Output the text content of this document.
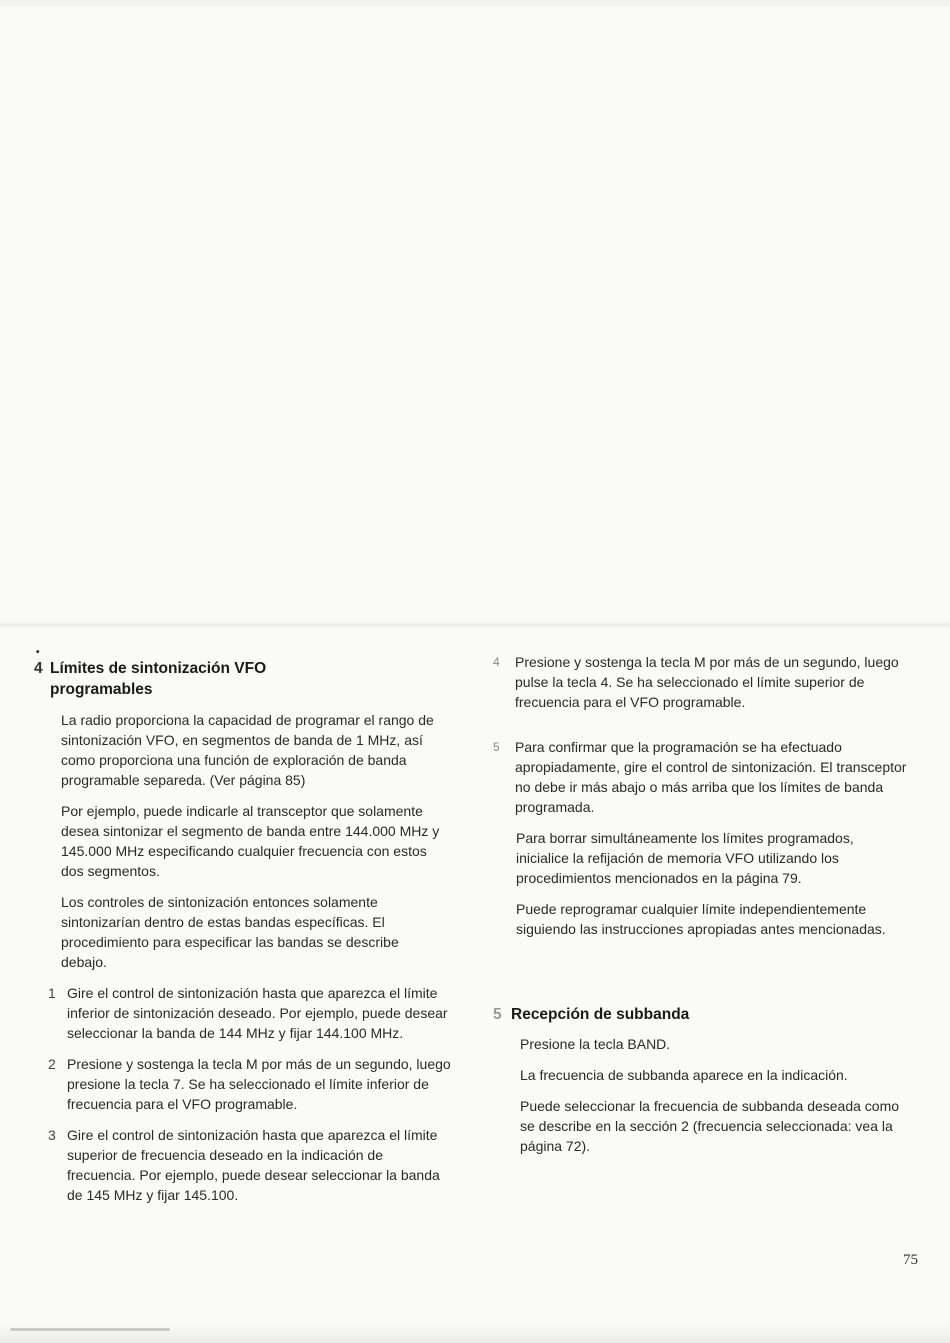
•
4 Límites de sintonización VFO
programables

La radio proporciona la capacidad de programar el rango de sintonización VFO, en segmentos de banda de 1 MHz, así como proporciona una función de exploración de banda programable separeda. (Ver página 85)

Por ejemplo, puede indicarle al transceptor que solamente desea sintonizar el segmento de banda entre 144.000 MHz y 145.000 MHz especificando cualquier frecuencia con estos dos segmentos.

Los controles de sintonización entonces solamente sintonizarían dentro de estas bandas específicas. El procedimiento para especificar las bandas se describe debajo.

1 Gire el control de sintonización hasta que aparezca el límite inferior de sintonización deseado. Por ejemplo, puede desear seleccionar la banda de 144 MHz y fijar 144.100 MHz.
2 Presione y sostenga la tecla M por más de un segundo, luego presione la tecla 7. Se ha seleccionado el límite inferior de frecuencia para el VFO programable.
3 Gire el control de sintonización hasta que aparezca el límite superior de frecuencia deseado en la indicación de frecuencia. Por ejemplo, puede desear seleccionar la banda de 145 MHz y fijar 145.100.
4 Presione y sostenga la tecla M por más de un segundo, luego pulse la tecla 4. Se ha seleccionado el límite superior de frecuencia para el VFO programable.
5 Para confirmar que la programación se ha efectuado apropiadamente, gire el control de sintonización. El transceptor no debe ir más abajo o más arriba que los límites de banda programada.

Para borrar simultáneamente los límites programados, inicialice la refijación de memoria VFO utilizando los procedimientos mencionados en la página 79.

Puede reprogramar cualquier límite independientemente siguiendo las instrucciones apropiadas antes mencionadas.

5 Recepción de subbanda

Presione la tecla BAND.

La frecuencia de subbanda aparece en la indicación.

Puede seleccionar la frecuencia de subbanda deseada como se describe en la sección 2 (frecuencia seleccionada: vea la página 72).

75
